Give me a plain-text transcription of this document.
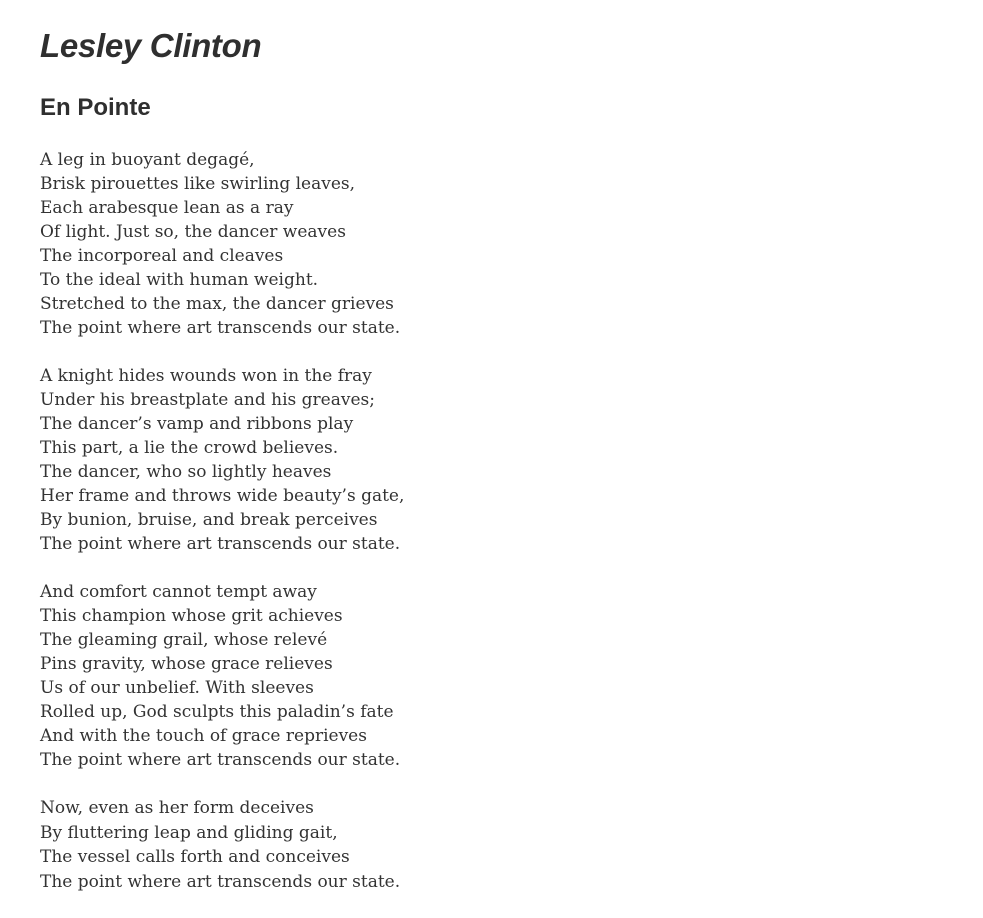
Lesley Clinton
En Pointe

A leg in buoyant degagé,
Brisk pirouettes like swirling leaves,
Each arabesque lean as a ray
Of light. Just so, the dancer weaves
The incorporeal and cleaves
To the ideal with human weight.
Stretched to the max, the dancer grieves
The point where art transcends our state.

A knight hides wounds won in the fray
Under his breastplate and his greaves;
The dancer’s vamp and ribbons play
This part, a lie the crowd believes.
The dancer, who so lightly heaves
Her frame and throws wide beauty’s gate,
By bunion, bruise, and break perceives
The point where art transcends our state.

And comfort cannot tempt away
This champion whose grit achieves
The gleaming grail, whose relevé
Pins gravity, whose grace relieves
Us of our unbelief. With sleeves
Rolled up, God sculpts this paladin’s fate
And with the touch of grace reprieves
The point where art transcends our state.

Now, even as her form deceives
By fluttering leap and gliding gait,
The vessel calls forth and conceives
The point where art transcends our state.
